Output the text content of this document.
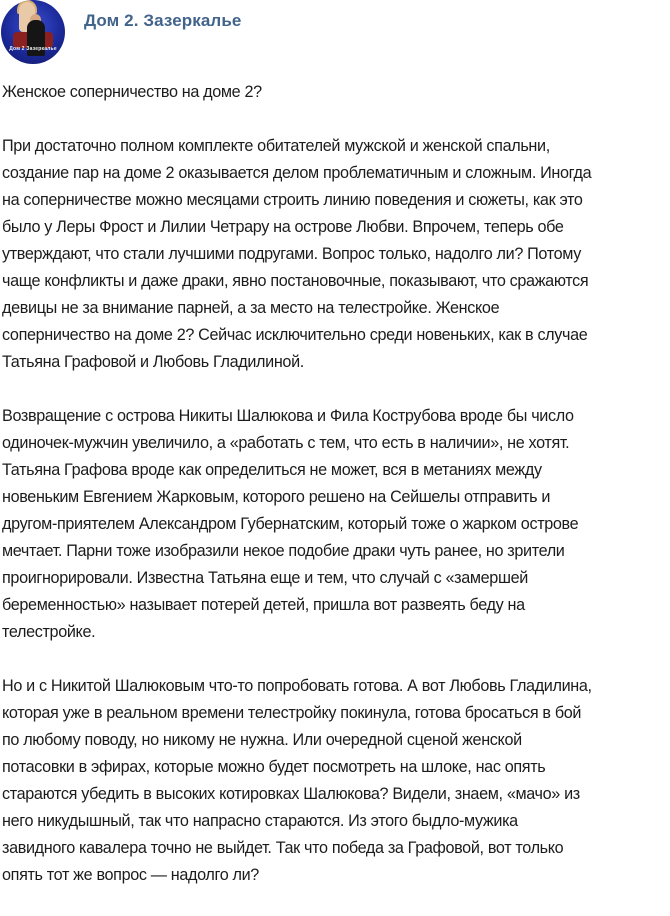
Дом 2 Зазеркалье
Дом 2. Зазеркалье

Женское соперничество на доме 2?

При достаточно полном комплекте обитателей мужской и женской спальни,
создание пар на доме 2 оказывается делом проблематичным и сложным. Иногда
на соперничестве можно месяцами строить линию поведения и сюжеты, как это
было у Леры Фрост и Лилии Четрару на острове Любви. Впрочем, теперь обе
утверждают, что стали лучшими подругами. Вопрос только, надолго ли? Потому
чаще конфликты и даже драки, явно постановочные, показывают, что сражаются
девицы не за внимание парней, а за место на телестройке. Женское
соперничество на доме 2? Сейчас исключительно среди новеньких, как в случае
Татьяна Графовой и Любовь Гладилиной.

Возвращение с острова Никиты Шалюкова и Фила Кострубова вроде бы число
одиночек-мужчин увеличило, а «работать с тем, что есть в наличии», не хотят.
Татьяна Графова вроде как определиться не может, вся в метаниях между
новеньким Евгением Жарковым, которого решено на Сейшелы отправить и
другом-приятелем Александром Губернатским, который тоже о жарком острове
мечтает. Парни тоже изобразили некое подобие драки чуть ранее, но зрители
проигнорировали. Известна Татьяна еще и тем, что случай с «замершей
беременностью» называет потерей детей, пришла вот развеять беду на
телестройке.

Но и с Никитой Шалюковым что-то попробовать готова. А вот Любовь Гладилина,
которая уже в реальном времени телестройку покинула, готова бросаться в бой
по любому поводу, но никому не нужна. Или очередной сценой женской
потасовки в эфирах, которые можно будет посмотреть на шлоке, нас опять
стараются убедить в высоких котировках Шалюкова? Видели, знаем, «мачо» из
него никудышный, так что напрасно стараются. Из этого быдло-мужика
завидного кавалера точно не выйдет. Так что победа за Графовой, вот только
опять тот же вопрос — надолго ли?
